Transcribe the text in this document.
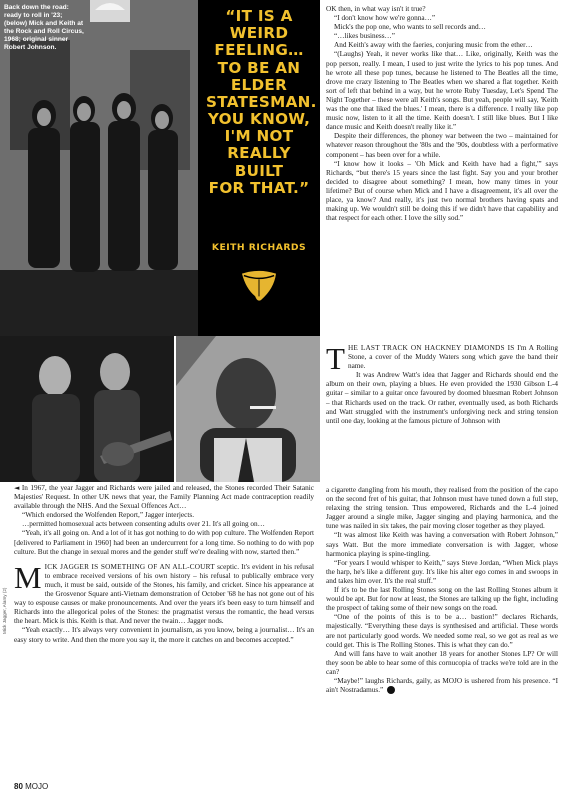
Back down the road: ready to roll in '23; (below) Mick and Keith at the Rock and Roll Circus, 1968; original sinner Robert Johnson.
Mick Jagger, Alamy (2)
“IT IS A
WEIRD
FEELING…
TO BE AN
ELDER
STATESMAN.
YOU KNOW,
I'M NOT
REALLY
BUILT
FOR THAT.”
KEITH RICHARDS

OK then, in what way isn't it true?

“I don't know how we're gonna…”

Mick's the pop one, who wants to sell records and…

“…likes business…”

And Keith's away with the faeries, conjuring music from the ether…

“(Laughs) Yeah, it never works like that… Like, originally, Keith was the pop person, really. I mean, I used to just write the lyrics to his pop tunes. And he wrote all these pop tunes, because he listened to The Beatles all the time, drove me crazy listening to The Beatles when we shared a flat together. Keith sort of left that behind in a way, but he wrote Ruby Tuesday, Let's Spend The Night Together – these were all Keith's songs. But yeah, people will say, 'Keith was the one that liked the blues.' I mean, there is a difference. I really like pop music now, listen to it all the time. Keith doesn't. I still like blues. But I like dance music and Keith doesn't really like it.”

Despite their differences, the phoney war between the two – maintained for whatever reason throughout the '80s and the '90s, doubtless with a performative component – has been over for a while.

“I know how it looks – 'Oh Mick and Keith have had a fight,'” says Richards, “but there's 15 years since the last fight. Say you and your brother decided to disagree about something? I mean, how many times in your lifetime? But of course when Mick and I have a disagreement, it's all over the place, ya know? And really, it's just two normal brothers having spats and making up. We wouldn't still be doing this if we didn't have that capability and that respect for each other. I love the silly sod.”

THE LAST TRACK ON HACKNEY DIAMONDS IS I'm A Rolling Stone, a cover of the Muddy Waters song which gave the band their name.

It was Andrew Watt's idea that Jagger and Richards should end the album on their own, playing a blues. He even provided the 1930 Gibson L-4 guitar – similar to a guitar once favoured by doomed bluesman Robert Johnson – that Richards used on the track. Or rather, eventually used, as both Richards and Watt struggled with the instrument's unforgiving neck and string tension until one day, looking at the famous picture of Johnson with

◄ In 1967, the year Jagger and Richards were jailed and released, the Stones recorded Their Satanic Majesties' Request. In other UK news that year, the Family Planning Act made contraception readily available through the NHS. And the Sexual Offences Act…

“Which endorsed the Wolfenden Report,” Jagger interjects.

…permitted homosexual acts between consenting adults over 21. It's all going on…

“Yeah, it's all going on. And a lot of it has got nothing to do with pop culture. The Wolfenden Report [delivered to Parliament in 1960] had been an undercurrent for a long time. So nothing to do with pop culture. But the change in sexual mores and the gender stuff we're dealing with now, started then.”

MICK JAGGER IS SOMETHING OF AN ALL-COURT sceptic. It's evident in his refusal to embrace received versions of his own history – his refusal to publically embrace very much, it must be said, outside of the Stones, his family, and cricket. Since his appearance at the Grosvenor Square anti-Vietnam demonstration of October '68 he has not gone out of his way to espouse causes or make pronouncements. And over the years it's been easy to turn himself and Richards into the allegorical poles of the Stones: the pragmatist versus the romantic, the head versus the heart. Mick is this. Keith is that. And never the twain… Jagger nods.

“Yeah exactly… It's always very convenient in journalism, as you know, being a journalist… It's an easy story to write. And then the more you say it, the more it catches on and becomes accepted.”

a cigarette dangling from his mouth, they realised from the position of the capo on the second fret of his guitar, that Johnson must have tuned down a full step, relaxing the string tension. Thus empowered, Richards and the L-4 joined Jagger around a single mike, Jagger singing and playing harmonica, and the tune was nailed in six takes, the pair moving closer together as they played.

“It was almost like Keith was having a conversation with Robert Johnson,” says Watt. But the more immediate conversation is with Jagger, whose harmonica playing is spine-tingling.

“For years I would whisper to Keith,” says Steve Jordan, “When Mick plays the harp, he's like a different guy. It's like his alter ego comes in and swoops in and takes him over. It's the real stuff.”

If it's to be the last Rolling Stones song on the last Rolling Stones album it would be apt. But for now at least, the Stones are talking up the fight, including the prospect of taking some of their new songs on the road.

“One of the points of this is to be a… bastion!” declares Richards, majestically. “Everything these days is synthesised and artificial. These words are not particularly good words. We needed some real, so we got as real as we could get. This is The Rolling Stones. This is what they can do.”

And will fans have to wait another 18 years for another Stones LP? Or will they soon be able to hear some of this cornucopia of tracks we're told are in the can?

“Maybe!” laughs Richards, gaily, as MOJO is ushered from his presence. “I ain't Nostradamus.” M

80 MOJO
